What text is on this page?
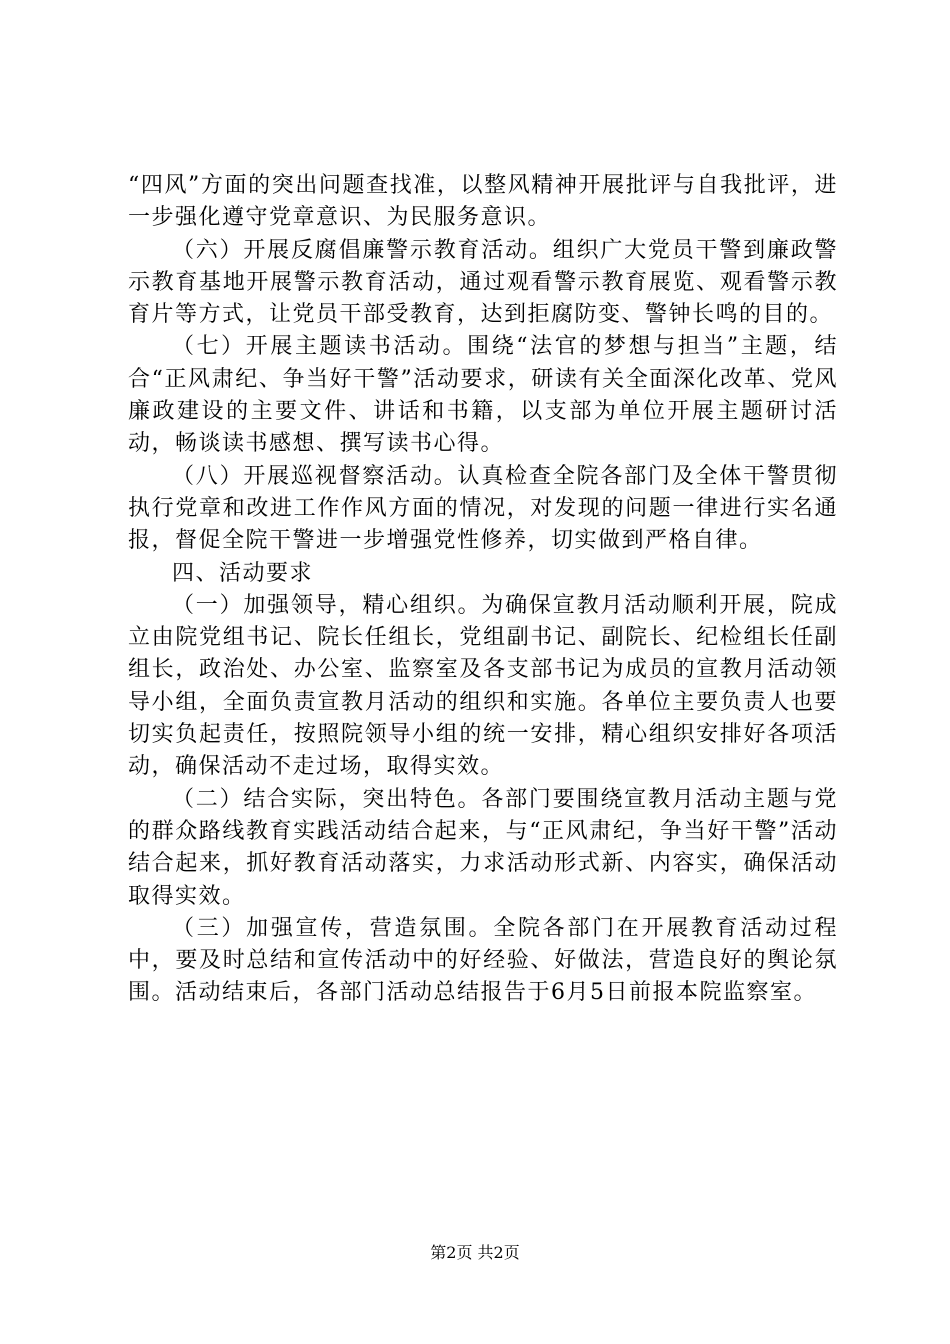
“四风”方面的突出问题查找准，以整风精神开展批评与自我批评，进一步强化遵守党章意识、为民服务意识。

（六）开展反腐倡廉警示教育活动。组织广大党员干警到廉政警示教育基地开展警示教育活动，通过观看警示教育展览、观看警示教育片等方式，让党员干部受教育，达到拒腐防变、警钟长鸣的目的。

（七）开展主题读书活动。围绕“法官的梦想与担当”主题，结合“正风肃纪、争当好干警”活动要求，研读有关全面深化改革、党风廉政建设的主要文件、讲话和书籍，以支部为单位开展主题研讨活动，畅谈读书感想、撰写读书心得。

（八）开展巡视督察活动。认真检查全院各部门及全体干警贯彻执行党章和改进工作作风方面的情况，对发现的问题一律进行实名通报，督促全院干警进一步增强党性修养，切实做到严格自律。

四、活动要求

（一）加强领导，精心组织。为确保宣教月活动顺利开展，院成立由院党组书记、院长任组长，党组副书记、副院长、纪检组长任副组长，政治处、办公室、监察室及各支部书记为成员的宣教月活动领导小组，全面负责宣教月活动的组织和实施。各单位主要负责人也要切实负起责任，按照院领导小组的统一安排，精心组织安排好各项活动，确保活动不走过场，取得实效。

（二）结合实际，突出特色。各部门要围绕宣教月活动主题与党的群众路线教育实践活动结合起来，与“正风肃纪，争当好干警”活动结合起来，抓好教育活动落实，力求活动形式新、内容实，确保活动取得实效。

（三）加强宣传，营造氛围。全院各部门在开展教育活动过程中，要及时总结和宣传活动中的好经验、好做法，营造良好的舆论氛围。活动结束后，各部门活动总结报告于6月5日前报本院监察室。

第2页 共2页
